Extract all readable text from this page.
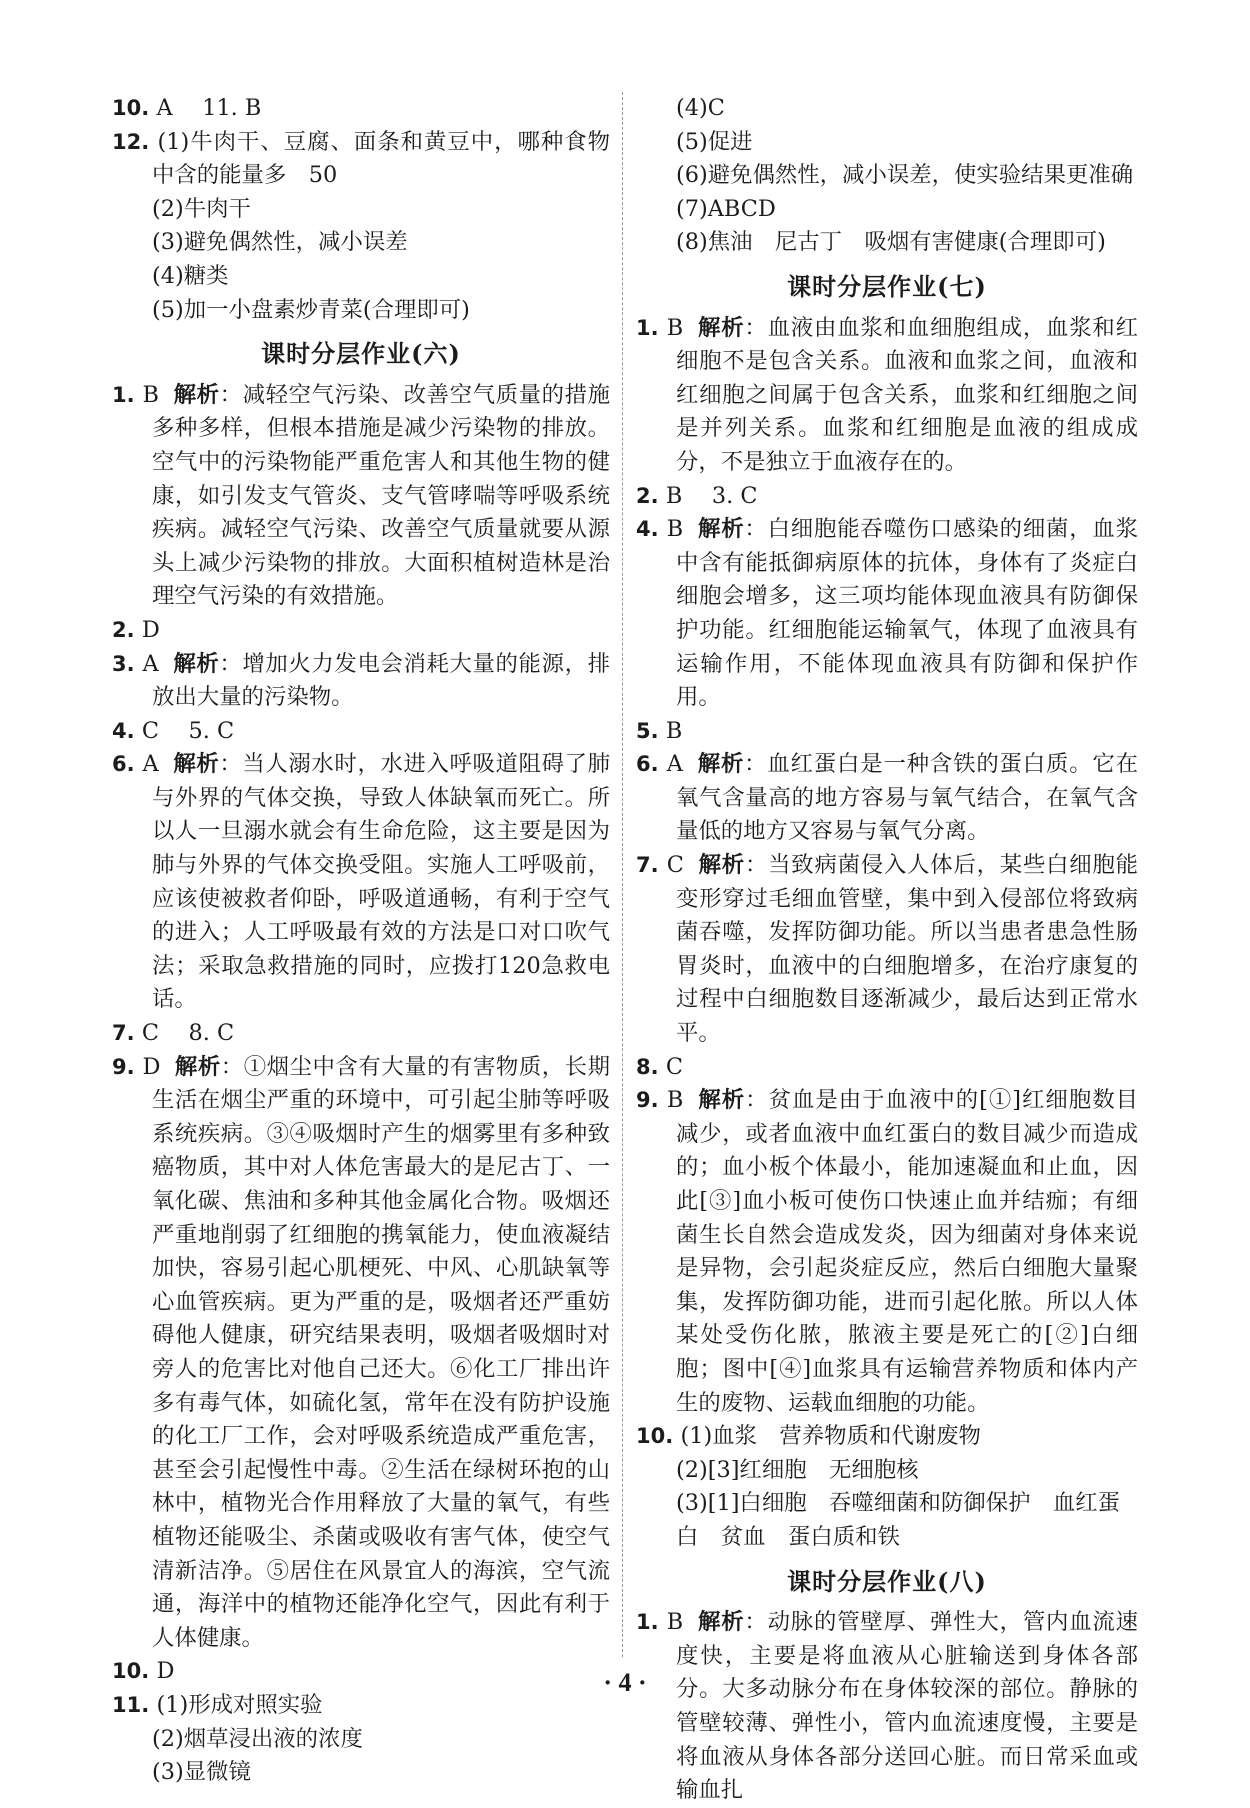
10. A 　11. B
12. (1)牛肉干、豆腐、面条和黄豆中，哪种食物中含的能量多　50
(2)牛肉干
(3)避免偶然性，减小误差
(4)糖类
(5)加一小盘素炒青菜(合理即可)
课时分层作业(六)
1. B 解析：减轻空气污染、改善空气质量的措施多种多样，但根本措施是减少污染物的排放。空气中的污染物能严重危害人和其他生物的健康，如引发支气管炎、支气管哮喘等呼吸系统疾病。减轻空气污染、改善空气质量就要从源头上减少污染物的排放。大面积植树造林是治理空气污染的有效措施。
2. D
3. A 解析：增加火力发电会消耗大量的能源，排放出大量的污染物。
4. C 　5. C
6. A 解析：当人溺水时，水进入呼吸道阻碍了肺与外界的气体交换，导致人体缺氧而死亡。所以人一旦溺水就会有生命危险，这主要是因为肺与外界的气体交换受阻。实施人工呼吸前，应该使被救者仰卧，呼吸道通畅，有利于空气的进入；人工呼吸最有效的方法是口对口吹气法；采取急救措施的同时，应拨打120急救电话。
7. C 　8. C
9. D 解析：①烟尘中含有大量的有害物质，长期生活在烟尘严重的环境中，可引起尘肺等呼吸系统疾病。③④吸烟时产生的烟雾里有多种致癌物质，其中对人体危害最大的是尼古丁、一氧化碳、焦油和多种其他金属化合物。吸烟还严重地削弱了红细胞的携氧能力，使血液凝结加快，容易引起心肌梗死、中风、心肌缺氧等心血管疾病。更为严重的是，吸烟者还严重妨碍他人健康，研究结果表明，吸烟者吸烟时对旁人的危害比对他自己还大。⑥化工厂排出许多有毒气体，如硫化氢，常年在没有防护设施的化工厂工作，会对呼吸系统造成严重危害，甚至会引起慢性中毒。②生活在绿树环抱的山林中，植物光合作用释放了大量的氧气，有些植物还能吸尘、杀菌或吸收有害气体，使空气清新洁净。⑤居住在风景宜人的海滨，空气流通，海洋中的植物还能净化空气，因此有利于人体健康。
10. D
11. (1)形成对照实验
(2)烟草浸出液的浓度
(3)显微镜
(4)C
(5)促进
(6)避免偶然性，减小误差，使实验结果更准确
(7)ABCD
(8)焦油　尼古丁　吸烟有害健康(合理即可)
课时分层作业(七)
1. B 解析：血液由血浆和血细胞组成，血浆和红细胞不是包含关系。血液和血浆之间，血液和红细胞之间属于包含关系，血浆和红细胞之间是并列关系。血浆和红细胞是血液的组成成分，不是独立于血液存在的。
2. B 　3. C
4. B 解析：白细胞能吞噬伤口感染的细菌，血浆中含有能抵御病原体的抗体，身体有了炎症白细胞会增多，这三项均能体现血液具有防御保护功能。红细胞能运输氧气，体现了血液具有运输作用，不能体现血液具有防御和保护作用。
5. B
6. A 解析：血红蛋白是一种含铁的蛋白质。它在氧气含量高的地方容易与氧气结合，在氧气含量低的地方又容易与氧气分离。
7. C 解析：当致病菌侵入人体后，某些白细胞能变形穿过毛细血管壁，集中到入侵部位将致病菌吞噬，发挥防御功能。所以当患者患急性肠胃炎时，血液中的白细胞增多，在治疗康复的过程中白细胞数目逐渐减少，最后达到正常水平。
8. C
9. B 解析：贫血是由于血液中的[①]红细胞数目减少，或者血液中血红蛋白的数目减少而造成的；血小板个体最小，能加速凝血和止血，因此[③]血小板可使伤口快速止血并结痂；有细菌生长自然会造成发炎，因为细菌对身体来说是异物，会引起炎症反应，然后白细胞大量聚集，发挥防御功能，进而引起化脓。所以人体某处受伤化脓，脓液主要是死亡的[②]白细胞；图中[④]血浆具有运输营养物质和体内产生的废物、运载血细胞的功能。
10. (1)血浆　营养物质和代谢废物
(2)[3]红细胞　无细胞核
(3)[1]白细胞　吞噬细菌和防御保护　血红蛋白　贫血　蛋白质和铁
课时分层作业(八)
1. B 解析：动脉的管壁厚、弹性大，管内血流速度快，主要是将血液从心脏输送到身体各部分。大多动脉分布在身体较深的部位。静脉的管壁较薄、弹性小，管内血流速度慢，主要是将血液从身体各部分送回心脏。而日常采血或输血扎
· 4 ·
